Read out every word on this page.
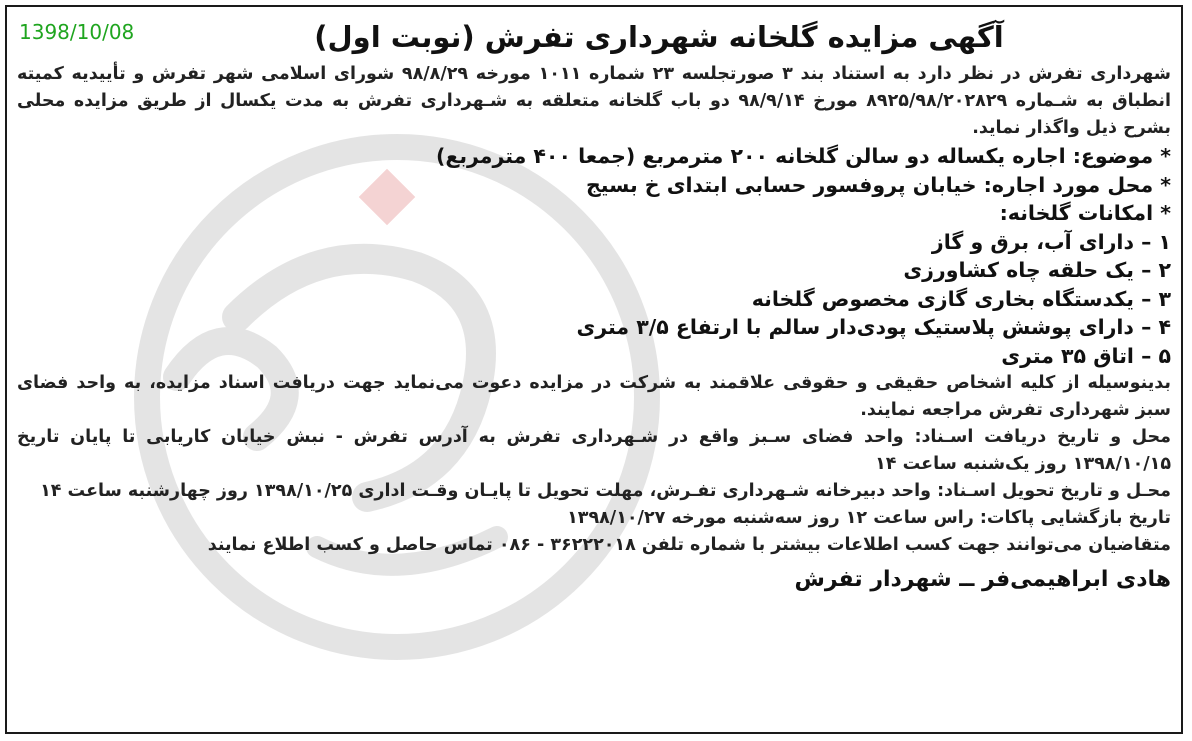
1398/10/08	آگهی مزایده گلخانه شهرداری تفرش (نوبت اول)

شهرداری تفرش در نظر دارد به استناد بند ۳ صورتجلسه ۲۳ شماره ۱۰۱۱ مورخه ۹۸/۸/۲۹ شورای اسلامی شهر تفرش و تأییدیه کمیته انطباق به شـماره ۸۹۲۵/۹۸/۲۰۲۸۲۹ مورخ ۹۸/۹/۱۴ دو باب گلخانه متعلقه به شـهرداری تفرش به مدت یکسال از طریق مزایده محلی بشرح ذیل واگذار نماید.

* موضوع: اجاره یکساله دو سالن گلخانه ۲۰۰ مترمربع (جمعا ۴۰۰ مترمربع)

* محل مورد اجاره: خیابان پروفسور حسابی ابتدای خ بسیج

* امکانات گلخانه:

۱ – دارای آب، برق و گاز

۲ – یک حلقه چاه کشاورزی

۳ – یکدستگاه بخاری گازی مخصوص گلخانه

۴ – دارای پوشش پلاستیک پودی‌دار سالم با ارتفاع ۳/۵ متری

۵ – اتاق ۳۵ متری

بدینوسیله از کلیه اشخاص حقیقی و حقوقی علاقمند به شرکت در مزایده دعوت می‌نماید جهت دریافت اسناد مزایده، به واحد فضای سبز شهرداری تفرش مراجعه نمایند.

محل و تاریخ دریافت اسـناد: واحد فضای سـبز واقع در شـهرداری تفرش به آدرس تفرش - نبش خیابان کاریابی تا پایان تاریخ ۱۳۹۸/۱۰/۱۵ روز یک‌شنبه ساعت ۱۴

محـل و تاریخ تحویل اسـناد: واحد دبیرخانه شـهرداری تفـرش، مهلت تحویل تا پایـان وقـت اداری ۱۳۹۸/۱۰/۲۵ روز چهارشنبه ساعت ۱۴

تاریخ بازگشایی پاکات: راس ساعت ۱۲ روز سه‌شنبه مورخه ۱۳۹۸/۱۰/۲۷

متقاضیان می‌توانند جهت کسب اطلاعات بیشتر با شماره تلفن ۳۶۲۲۲۰۱۸ - ۰۸۶ تماس حاصل و کسب اطلاع نمایند

هادی ابراهیمی‌فر ــ شهردار تفرش
